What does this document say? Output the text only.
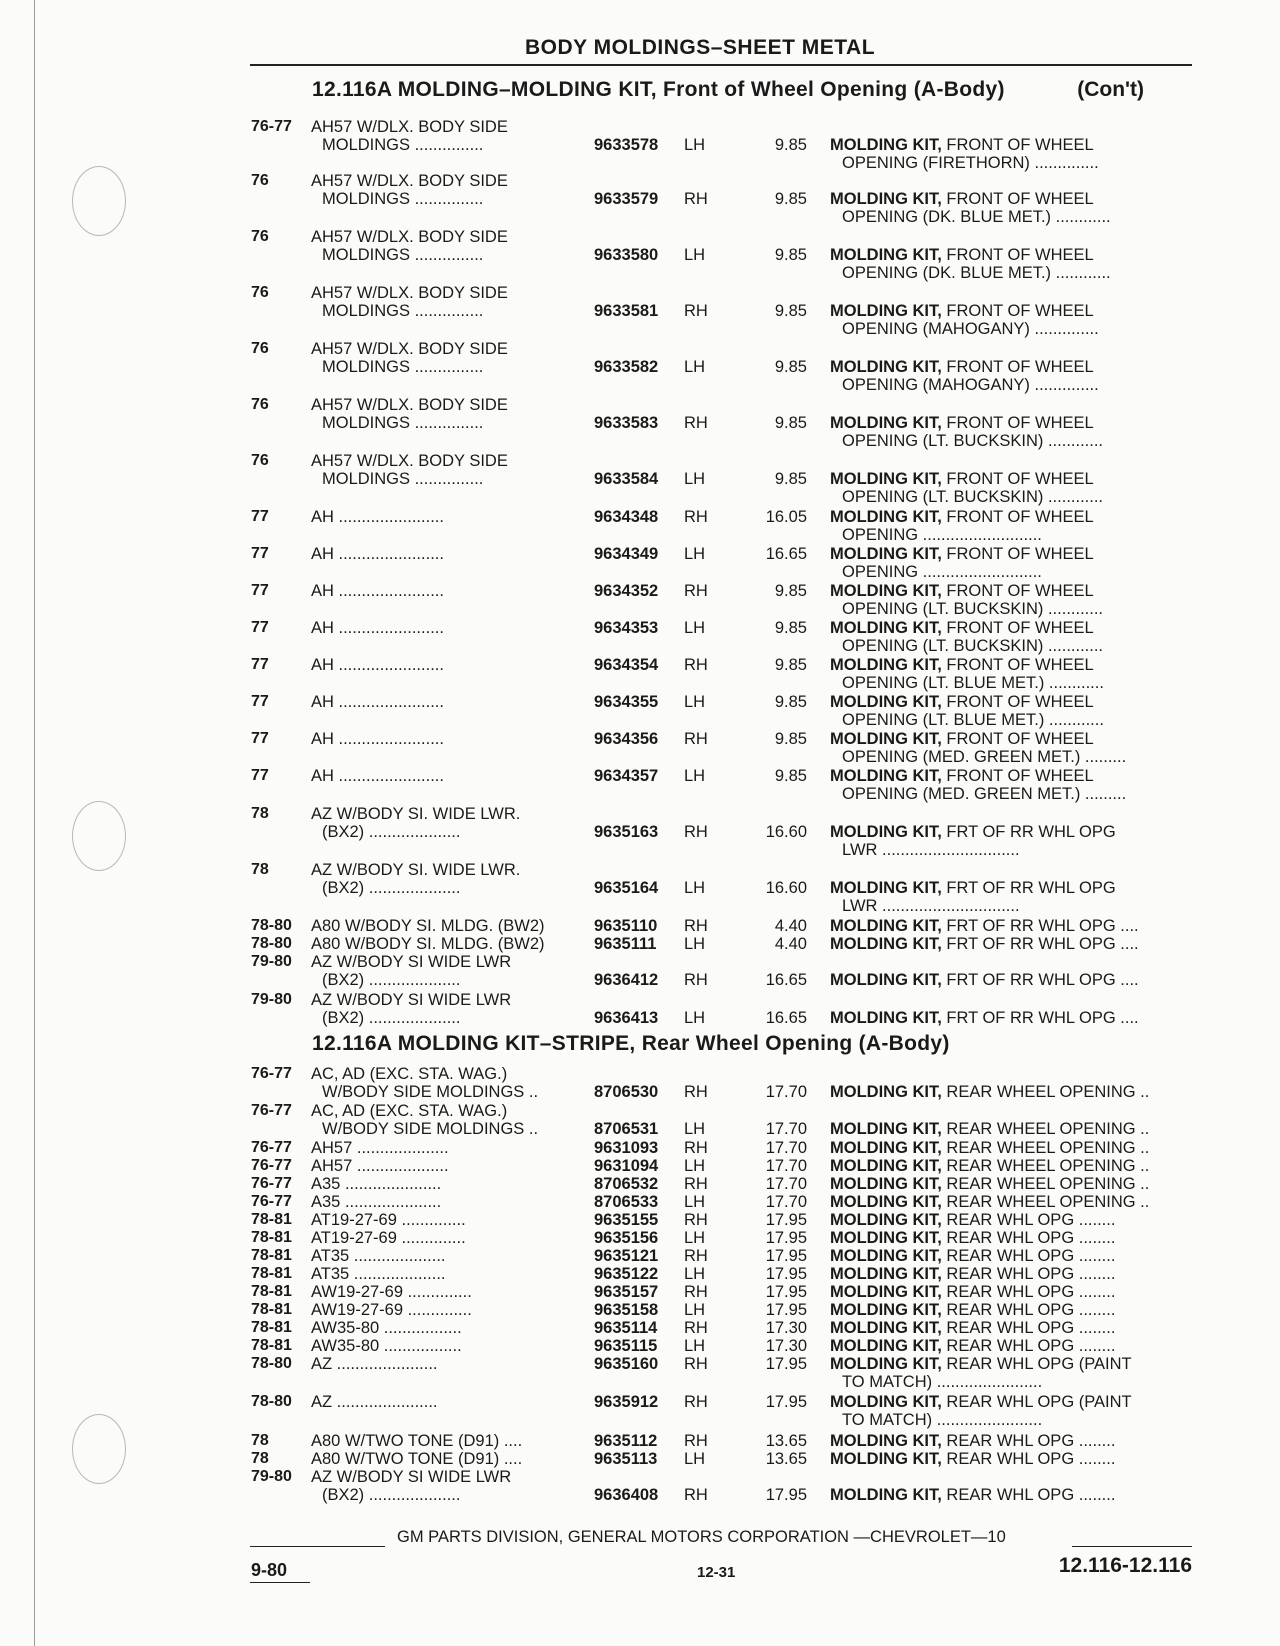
BODY MOLDINGS–SHEET METAL
12.116A MOLDING–MOLDING KIT, Front of Wheel Opening (A-Body)	(Con't)
76-77	AH57 W/DLX. BODY SIDE
MOLDINGS ...............	9633578	LH	9.85 MOLDING KIT, FRONT OF WHEEL
OPENING (FIRETHORN) ..............
76	AH57 W/DLX. BODY SIDE
MOLDINGS ...............	9633579	RH	9.85 MOLDING KIT, FRONT OF WHEEL
OPENING (DK. BLUE MET.) ............
76	AH57 W/DLX. BODY SIDE
MOLDINGS ...............	9633580	LH	9.85 MOLDING KIT, FRONT OF WHEEL
OPENING (DK. BLUE MET.) ............
76	AH57 W/DLX. BODY SIDE
MOLDINGS ...............	9633581	RH	9.85 MOLDING KIT, FRONT OF WHEEL
OPENING (MAHOGANY) ..............
76	AH57 W/DLX. BODY SIDE
MOLDINGS ...............	9633582	LH	9.85 MOLDING KIT, FRONT OF WHEEL
OPENING (MAHOGANY) ..............
76	AH57 W/DLX. BODY SIDE
MOLDINGS ...............	9633583	RH	9.85 MOLDING KIT, FRONT OF WHEEL
OPENING (LT. BUCKSKIN) ............
76	AH57 W/DLX. BODY SIDE
MOLDINGS ...............	9633584	LH	9.85 MOLDING KIT, FRONT OF WHEEL
OPENING (LT. BUCKSKIN) ............
77	AH .......................	9634348	RH	16.05 MOLDING KIT, FRONT OF WHEEL
OPENING ..........................
77	AH .......................	9634349	LH	16.65 MOLDING KIT, FRONT OF WHEEL
OPENING ..........................
77	AH .......................	9634352	RH	9.85 MOLDING KIT, FRONT OF WHEEL
OPENING (LT. BUCKSKIN) ............
77	AH .......................	9634353	LH	9.85 MOLDING KIT, FRONT OF WHEEL
OPENING (LT. BUCKSKIN) ............
77	AH .......................	9634354	RH	9.85 MOLDING KIT, FRONT OF WHEEL
OPENING (LT. BLUE MET.) ............
77	AH .......................	9634355	LH	9.85 MOLDING KIT, FRONT OF WHEEL
OPENING (LT. BLUE MET.) ............
77	AH .......................	9634356	RH	9.85 MOLDING KIT, FRONT OF WHEEL
OPENING (MED. GREEN MET.) .........
77	AH .......................	9634357	LH	9.85 MOLDING KIT, FRONT OF WHEEL
OPENING (MED. GREEN MET.) .........
78	AZ W/BODY SI. WIDE LWR.
(BX2) ....................	9635163	RH	16.60 MOLDING KIT, FRT OF RR WHL OPG
LWR ..............................
78	AZ W/BODY SI. WIDE LWR.
(BX2) ....................	9635164	LH	16.60 MOLDING KIT, FRT OF RR WHL OPG
LWR ..............................
78-80	A80 W/BODY SI. MLDG. (BW2)	9635110	RH	4.40 MOLDING KIT, FRT OF RR WHL OPG ....
78-80	A80 W/BODY SI. MLDG. (BW2)	9635111	LH	4.40 MOLDING KIT, FRT OF RR WHL OPG ....
79-80	AZ W/BODY SI WIDE LWR
(BX2) ....................	9636412	RH	16.65 MOLDING KIT, FRT OF RR WHL OPG ....
79-80	AZ W/BODY SI WIDE LWR
(BX2) ....................	9636413	LH	16.65 MOLDING KIT, FRT OF RR WHL OPG ....
12.116A MOLDING KIT–STRIPE, Rear Wheel Opening (A-Body)
76-77	AC, AD (EXC. STA. WAG.)
W/BODY SIDE MOLDINGS ..	8706530	RH	17.70 MOLDING KIT, REAR WHEEL OPENING ..
76-77	AC, AD (EXC. STA. WAG.)
W/BODY SIDE MOLDINGS ..	8706531	LH	17.70 MOLDING KIT, REAR WHEEL OPENING ..
76-77	AH57 ....................	9631093	RH	17.70 MOLDING KIT, REAR WHEEL OPENING ..
76-77	AH57 ....................	9631094	LH	17.70 MOLDING KIT, REAR WHEEL OPENING ..
76-77	A35 .....................	8706532	RH	17.70 MOLDING KIT, REAR WHEEL OPENING ..
76-77	A35 .....................	8706533	LH	17.70 MOLDING KIT, REAR WHEEL OPENING ..
78-81	AT19-27-69 ..............	9635155	RH	17.95 MOLDING KIT, REAR WHL OPG ........
78-81	AT19-27-69 ..............	9635156	LH	17.95 MOLDING KIT, REAR WHL OPG ........
78-81	AT35 ....................	9635121	RH	17.95 MOLDING KIT, REAR WHL OPG ........
78-81	AT35 ....................	9635122	LH	17.95 MOLDING KIT, REAR WHL OPG ........
78-81	AW19-27-69 ..............	9635157	RH	17.95 MOLDING KIT, REAR WHL OPG ........
78-81	AW19-27-69 ..............	9635158	LH	17.95 MOLDING KIT, REAR WHL OPG ........
78-81	AW35-80 .................	9635114	RH	17.30 MOLDING KIT, REAR WHL OPG ........
78-81	AW35-80 .................	9635115	LH	17.30 MOLDING KIT, REAR WHL OPG ........
78-80	AZ ......................	9635160	RH	17.95 MOLDING KIT, REAR WHL OPG (PAINT
TO MATCH) .......................
78-80	AZ ......................	9635912	RH	17.95 MOLDING KIT, REAR WHL OPG (PAINT
TO MATCH) .......................
78	A80 W/TWO TONE (D91) ....	9635112	RH	13.65 MOLDING KIT, REAR WHL OPG ........
78	A80 W/TWO TONE (D91) ....	9635113	LH	13.65 MOLDING KIT, REAR WHL OPG ........
79-80	AZ W/BODY SI WIDE LWR
(BX2) ....................	9636408	RH	17.95 MOLDING KIT, REAR WHL OPG ........
GM PARTS DIVISION, GENERAL MOTORS CORPORATION —CHEVROLET—10
9-80	12-31	12.116-12.116
